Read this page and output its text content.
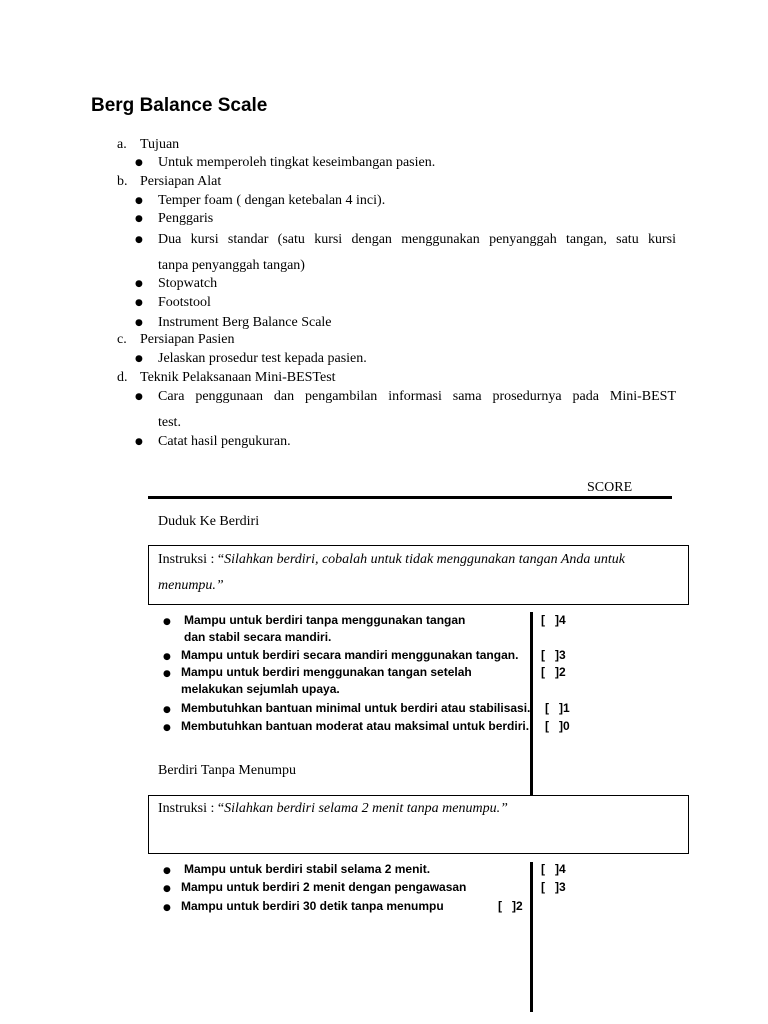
Berg Balance Scale
a. Tujuan
● Untuk memperoleh tingkat keseimbangan pasien.
b. Persiapan Alat
● Temper foam ( dengan ketebalan 4 inci).
● Penggaris
● Dua kursi standar (satu kursi dengan menggunakan penyanggah tangan, satu kursi
tanpa penyanggah tangan)
● Stopwatch
● Footstool
● Instrument Berg Balance Scale
c. Persiapan Pasien
● Jelaskan prosedur test kepada pasien.
d. Teknik Pelaksanaan Mini-BESTest
● Cara penggunaan dan pengambilan informasi sama prosedurnya pada Mini-BEST
test.
● Catat hasil pengukuran.
SCORE
Duduk Ke Berdiri
Instruksi : “Silahkan berdiri, cobalah untuk tidak menggunakan tangan Anda untuk
menumpu.”
● Mampu untuk berdiri tanpa menggunakan tangan
dan stabil secara mandiri.
[   ]4
● Mampu untuk berdiri secara mandiri menggunakan tangan. [   ]3
● Mampu untuk berdiri menggunakan tangan setelah
melakukan sejumlah upaya.
[   ]2
● Membutuhkan bantuan minimal untuk berdiri atau stabilisasi. [   ]1
● Membutuhkan bantuan moderat atau maksimal untuk berdiri. [   ]0
Berdiri Tanpa Menumpu
Instruksi : “Silahkan berdiri selama 2 menit tanpa menumpu.”
● Mampu untuk berdiri stabil selama 2 menit.	[   ]4
● Mampu untuk berdiri 2 menit dengan pengawasan	[   ]3
● Mampu untuk berdiri 30 detik tanpa menumpu	[   ]2
